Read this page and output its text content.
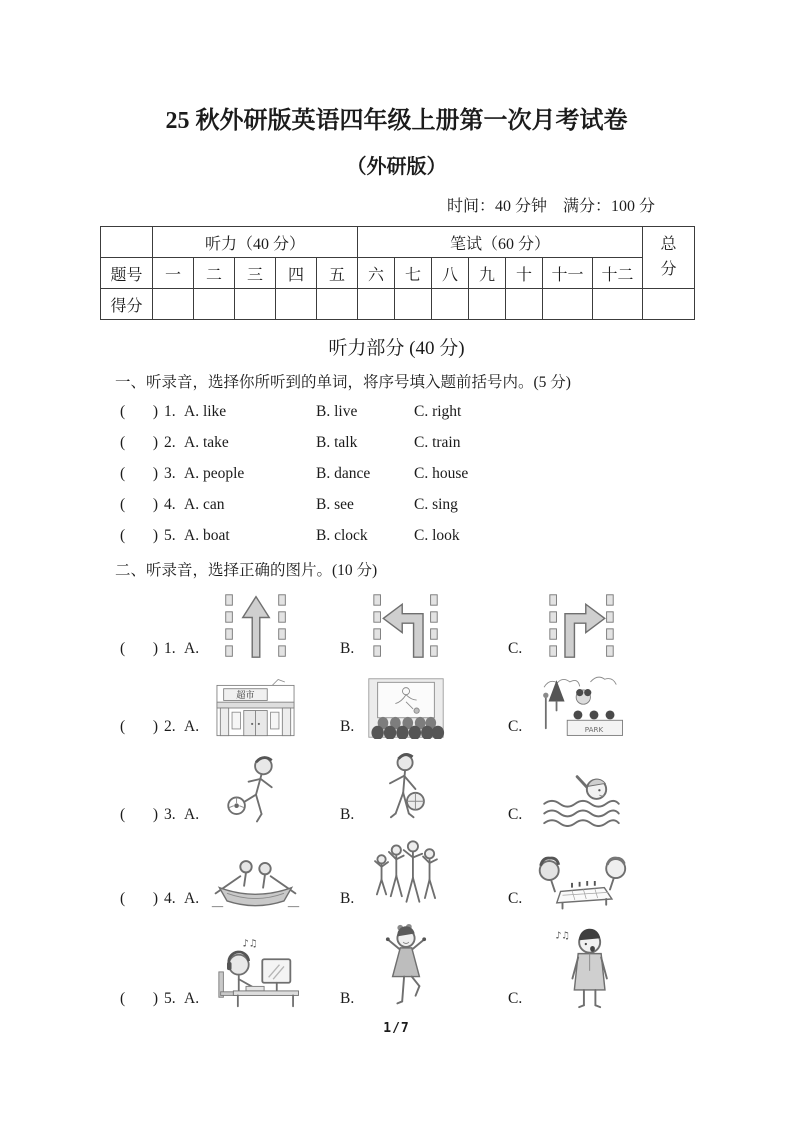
25 秋外研版英语四年级上册第一次月考试卷
（外研版）
时间：40 分钟 满分：100 分
	听力（40 分）					笔试（60 分）							总分

题号	一	二	三	四	五	六	七	八	九	十	十一	十二	
得分													
听力部分 (40 分)
一、听录音，选择你所听到的单词，将序号填入题前括号内。(5 分)
( ) 1. A. like	B. live	C. right
( ) 2. A. take	B. talk	C. train
( ) 3. A. people	B. dance	C. house
( ) 4. A. can	B. see	C. sing
( ) 5. A. boat	B. clock	C. look
二、听录音，选择正确的图片。(10 分)
( ) 1. A.	B.	C.
( ) 2. A.
超市
B.	C.	PARK
( ) 3. A.	B.	C.
( ) 4. A.	B.	C.
( ) 5. A.
♪♫
B.	C.
♪♫
1/7
